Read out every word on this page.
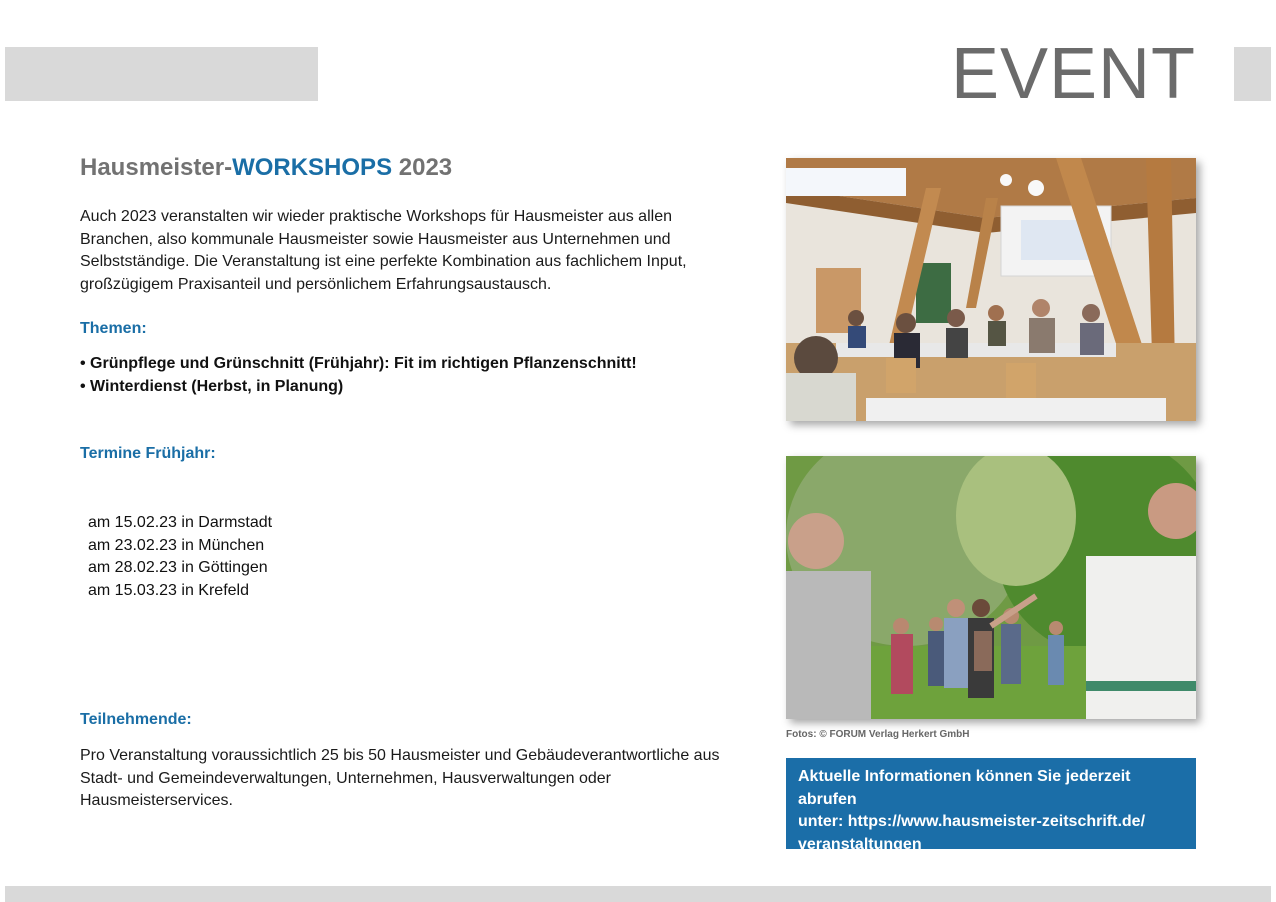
EVENT
Hausmeister-WORKSHOPS 2023

Auch 2023 veranstalten wir wieder praktische Workshops für Hausmeister aus allen Branchen, also kommunale Hausmeister sowie Hausmeister aus Unternehmen und Selbstständige. Die Veranstaltung ist eine perfekte Kombination aus fachlichem Input, großzügigem Praxisanteil und persönlichem Erfahrungsaustausch.

Themen:
• Grünpflege und Grünschnitt (Frühjahr): Fit im richtigen Pflanzenschnitt!
• Winterdienst (Herbst, in Planung)
Termine Frühjahr:
am 15.02.23 in Darmstadt
am 23.02.23 in München
am 28.02.23 in Göttingen
am 15.03.23 in Krefeld
Teilnehmende:

Pro Veranstaltung voraussichtlich 25 bis 50 Hausmeister und Gebäudeverantwortliche aus Stadt- und Gemeindeverwaltungen, Unternehmen, Hausverwaltungen oder Hausmeisterservices.

Fotos: © FORUM Verlag Herkert GmbH
Aktuelle Informationen können Sie jederzeit abrufen
unter: https://www.hausmeister-zeitschrift.de/
veranstaltungen
